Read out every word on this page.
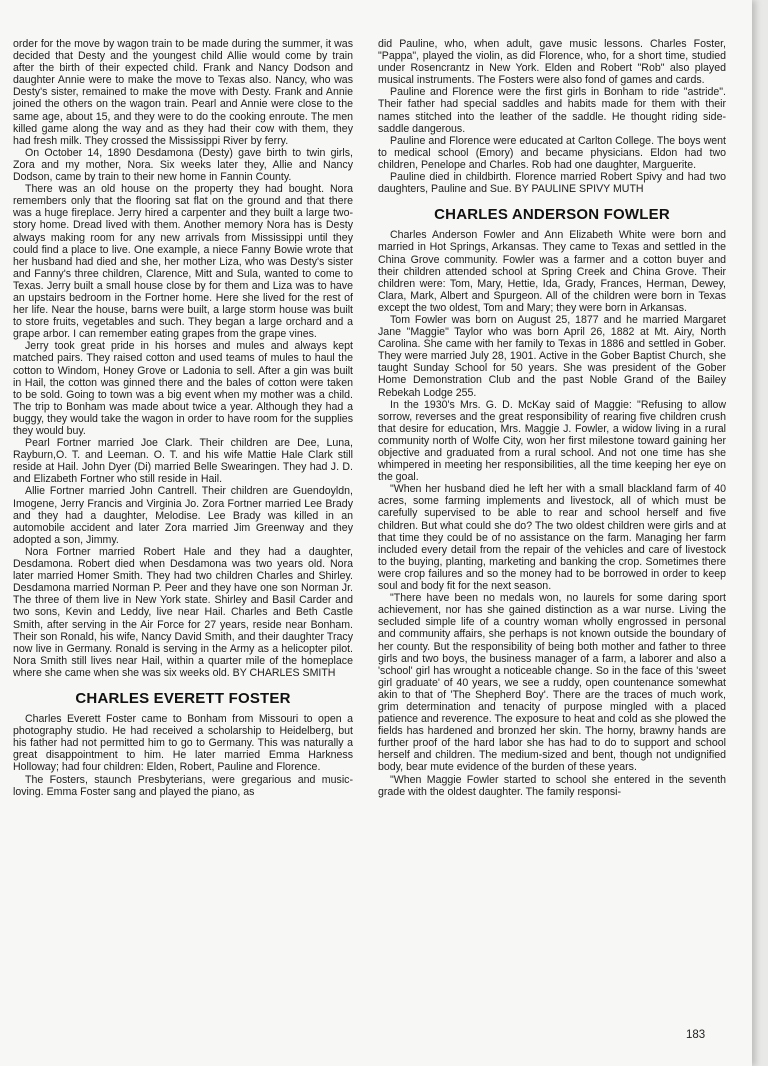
order for the move by wagon train to be made during the summer, it was decided that Desty and the youngest child Allie would come by train after the birth of their expected child. Frank and Nancy Dodson and daughter Annie were to make the move to Texas also. Nancy, who was Desty's sister, remained to make the move with Desty. Frank and Annie joined the others on the wagon train. Pearl and Annie were close to the same age, about 15, and they were to do the cooking enroute. The men killed game along the way and as they had their cow with them, they had fresh milk. They crossed the Mississippi River by ferry.

On October 14, 1890 Desdamona (Desty) gave birth to twin girls, Zora and my mother, Nora. Six weeks later they, Allie and Nancy Dodson, came by train to their new home in Fannin County.

There was an old house on the property they had bought. Nora remembers only that the flooring sat flat on the ground and that there was a huge fireplace. Jerry hired a carpenter and they built a large two-story home. Dread lived with them. Another memory Nora has is Desty always making room for any new arrivals from Mississippi until they could find a place to live. One example, a niece Fanny Bowie wrote that her husband had died and she, her mother Liza, who was Desty's sister and Fanny's three children, Clarence, Mitt and Sula, wanted to come to Texas. Jerry built a small house close by for them and Liza was to have an upstairs bedroom in the Fortner home. Here she lived for the rest of her life. Near the house, barns were built, a large storm house was built to store fruits, vegetables and such. They began a large orchard and a grape arbor. I can remember eating grapes from the grape vines.

Jerry took great pride in his horses and mules and always kept matched pairs. They raised cotton and used teams of mules to haul the cotton to Windom, Honey Grove or Ladonia to sell. After a gin was built in Hail, the cotton was ginned there and the bales of cotton were taken to be sold. Going to town was a big event when my mother was a child. The trip to Bonham was made about twice a year. Although they had a buggy, they would take the wagon in order to have room for the supplies they would buy.

Pearl Fortner married Joe Clark. Their children are Dee, Luna, Rayburn,O. T. and Leeman. O. T. and his wife Mattie Hale Clark still reside at Hail. John Dyer (Di) married Belle Swearingen. They had J. D. and Elizabeth Fortner who still reside in Hail.

Allie Fortner married John Cantrell. Their children are Guendoyldn, Imogene, Jerry Francis and Virginia Jo. Zora Fortner married Lee Brady and they had a daughter, Melodise. Lee Brady was killed in an automobile accident and later Zora married Jim Greenway and they adopted a son, Jimmy.

Nora Fortner married Robert Hale and they had a daughter, Desdamona. Robert died when Desdamona was two years old. Nora later married Homer Smith. They had two children Charles and Shirley. Desdamona married Norman P. Peer and they have one son Norman Jr. The three of them live in New York state. Shirley and Basil Carder and two sons, Kevin and Leddy, live near Hail. Charles and Beth Castle Smith, after serving in the Air Force for 27 years, reside near Bonham. Their son Ronald, his wife, Nancy David Smith, and their daughter Tracy now live in Germany. Ronald is serving in the Army as a helicopter pilot. Nora Smith still lives near Hail, within a quarter mile of the homeplace where she came when she was six weeks old. BY CHARLES SMITH

CHARLES EVERETT FOSTER

Charles Everett Foster came to Bonham from Missouri to open a photography studio. He had received a scholarship to Heidelberg, but his father had not permitted him to go to Germany. This was naturally a great disappointment to him. He later married Emma Harkness Holloway; had four children: Elden, Robert, Pauline and Florence.

The Fosters, staunch Presbyterians, were gregarious and music-loving. Emma Foster sang and played the piano, as

did Pauline, who, when adult, gave music lessons. Charles Foster, "Pappa", played the violin, as did Florence, who, for a short time, studied under Rosencrantz in New York. Elden and Robert "Rob" also played musical instruments. The Fosters were also fond of games and cards.

Pauline and Florence were the first girls in Bonham to ride "astride". Their father had special saddles and habits made for them with their names stitched into the leather of the saddle. He thought riding side-saddle dangerous.

Pauline and Florence were educated at Carlton College. The boys went to medical school (Emory) and became physicians. Eldon had two children, Penelope and Charles. Rob had one daughter, Marguerite.

Pauline died in childbirth. Florence married Robert Spivy and had two daughters, Pauline and Sue. BY PAULINE SPIVY MUTH

CHARLES ANDERSON FOWLER

Charles Anderson Fowler and Ann Elizabeth White were born and married in Hot Springs, Arkansas. They came to Texas and settled in the China Grove community. Fowler was a farmer and a cotton buyer and their children attended school at Spring Creek and China Grove. Their children were: Tom, Mary, Hettie, Ida, Grady, Frances, Herman, Dewey, Clara, Mark, Albert and Spurgeon. All of the children were born in Texas except the two oldest, Tom and Mary; they were born in Arkansas.

Tom Fowler was born on August 25, 1877 and he married Margaret Jane "Maggie" Taylor who was born April 26, 1882 at Mt. Airy, North Carolina. She came with her family to Texas in 1886 and settled in Gober. They were married July 28, 1901. Active in the Gober Baptist Church, she taught Sunday School for 50 years. She was president of the Gober Home Demonstration Club and the past Noble Grand of the Bailey Rebekah Lodge 255.

In the 1930's Mrs. G. D. McKay said of Maggie: "Refusing to allow sorrow, reverses and the great responsibility of rearing five children crush that desire for education, Mrs. Maggie J. Fowler, a widow living in a rural community north of Wolfe City, won her first milestone toward gaining her objective and graduated from a rural school. And not one time has she whimpered in meeting her responsibilities, all the time keeping her eye on the goal.

"When her husband died he left her with a small blackland farm of 40 acres, some farming implements and livestock, all of which must be carefully supervised to be able to rear and school herself and five children. But what could she do? The two oldest children were girls and at that time they could be of no assistance on the farm. Managing her farm included every detail from the repair of the vehicles and care of livestock to the buying, planting, marketing and banking the crop. Sometimes there were crop failures and so the money had to be borrowed in order to keep soul and body fit for the next season.

"There have been no medals won, no laurels for some daring sport achievement, nor has she gained distinction as a war nurse. Living the secluded simple life of a country woman wholly engrossed in personal and community affairs, she perhaps is not known outside the boundary of her county. But the responsibility of being both mother and father to three girls and two boys, the business manager of a farm, a laborer and also a 'school' girl has wrought a noticeable change. So in the face of this 'sweet girl graduate' of 40 years, we see a ruddy, open countenance somewhat akin to that of 'The Shepherd Boy'. There are the traces of much work, grim determination and tenacity of purpose mingled with a placed patience and reverence. The exposure to heat and cold as she plowed the fields has hardened and bronzed her skin. The horny, brawny hands are further proof of the hard labor she has had to do to support and school herself and children. The medium-sized and bent, though not undignified body, bear mute evidence of the burden of these years.

"When Maggie Fowler started to school she entered in the seventh grade with the oldest daughter. The family responsi-

183
